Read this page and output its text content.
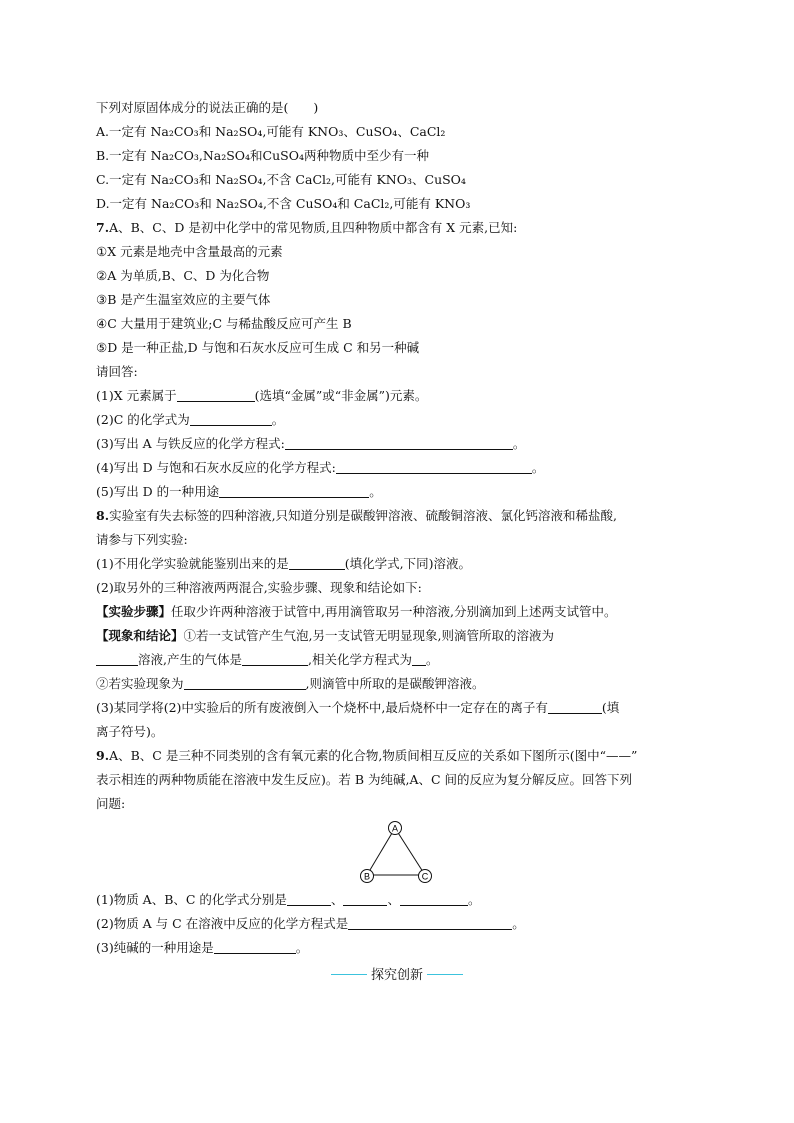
下列对原固体成分的说法正确的是(　　)
A.一定有 Na₂CO₃和 Na₂SO₄,可能有 KNO₃、CuSO₄、CaCl₂
B.一定有 Na₂CO₃,Na₂SO₄和CuSO₄两种物质中至少有一种
C.一定有 Na₂CO₃和 Na₂SO₄,不含 CaCl₂,可能有 KNO₃、CuSO₄
D.一定有 Na₂CO₃和 Na₂SO₄,不含 CuSO₄和 CaCl₂,可能有 KNO₃
7.A、B、C、D 是初中化学中的常见物质,且四种物质中都含有 X 元素,已知:
①X 元素是地壳中含量最高的元素
②A 为单质,B、C、D 为化合物
③B 是产生温室效应的主要气体
④C 大量用于建筑业;C 与稀盐酸反应可产生 B
⑤D 是一种正盐,D 与饱和石灰水反应可生成 C 和另一种碱
请回答:
(1)X 元素属于	(选填“金属”或“非金属”)元素。
(2)C 的化学式为	。
(3)写出 A 与铁反应的化学方程式:	。
(4)写出 D 与饱和石灰水反应的化学方程式:	。
(5)写出 D 的一种用途	。
8.实验室有失去标签的四种溶液,只知道分别是碳酸钾溶液、硫酸铜溶液、氯化钙溶液和稀盐酸,
请参与下列实验:
(1)不用化学实验就能鉴别出来的是	(填化学式,下同)溶液。
(2)取另外的三种溶液两两混合,实验步骤、现象和结论如下:
【实验步骤】任取少许两种溶液于试管中,再用滴管取另一种溶液,分别滴加到上述两支试管中。
【现象和结论】①若一支试管产生气泡,另一支试管无明显现象,则滴管所取的溶液为
溶液,产生的气体是	,相关化学方程式为 。
②若实验现象为	,则滴管中所取的是碳酸钾溶液。
(3)某同学将(2)中实验后的所有废液倒入一个烧杯中,最后烧杯中一定存在的离子有	(填
离子符号)。
9.A、B、C 是三种不同类别的含有氧元素的化合物,物质间相互反应的关系如下图所示(图中“——”
表示相连的两种物质能在溶液中发生反应)。若 B 为纯碱,A、C 间的反应为复分解反应。回答下列
问题:
A
B	C
(1)物质 A、B、C 的化学式分别是	、	、	。
(2)物质 A 与 C 在溶液中反应的化学方程式是	。
(3)纯碱的一种用途是	。
探究创新
